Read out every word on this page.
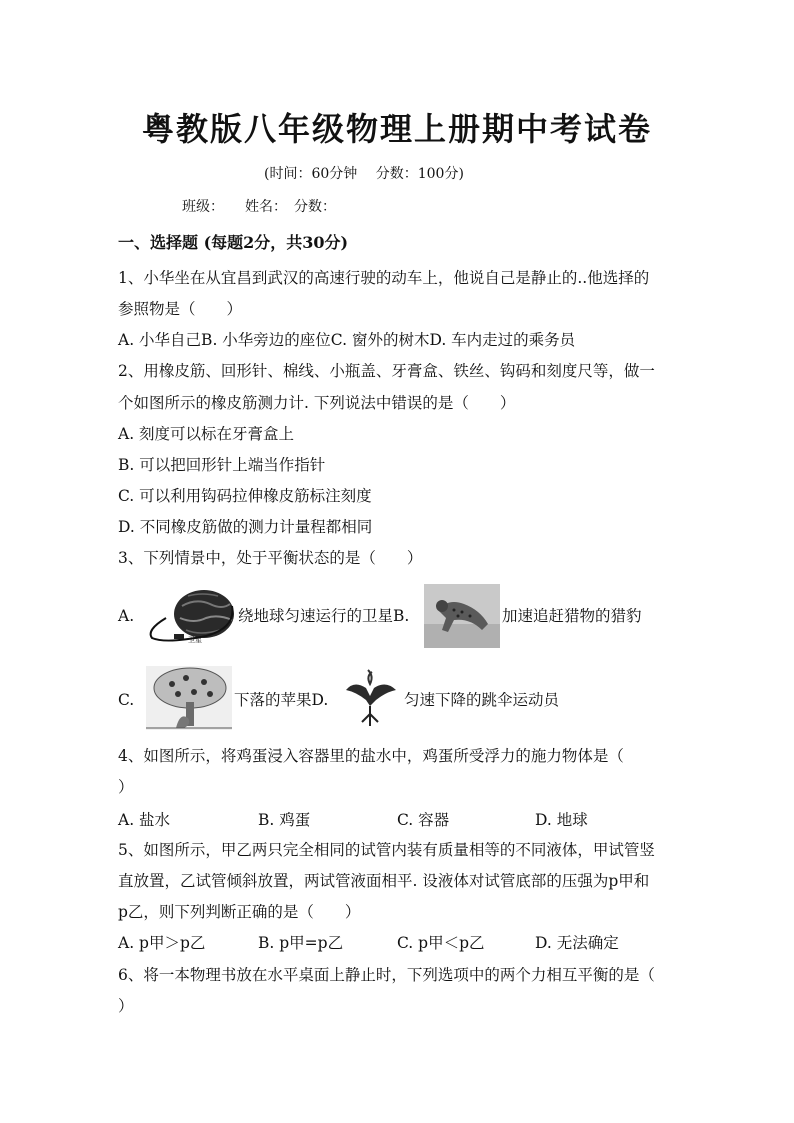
粤教版八年级物理上册期中考试卷
(时间：60分钟　 分数：100分)
班级：　　姓名：　分数：
一、选择题 (每题2分，共30分)
1、小华坐在从宜昌到武汉的高速行驶的动车上，他说自己是静止的..他选择的
参照物是（　　）
A. 小华自己B. 小华旁边的座位C. 窗外的树木D. 车内走过的乘务员
2、用橡皮筋、回形针、棉线、小瓶盖、牙膏盒、铁丝、钩码和刻度尺等，做一
个如图所示的橡皮筋测力计. 下列说法中错误的是（　　）
A. 刻度可以标在牙膏盒上
B. 可以把回形针上端当作指针
C. 可以利用钩码拉伸橡皮筋标注刻度
D. 不同橡皮筋做的测力计量程都相同
3、下列情景中，处于平衡状态的是（　　）
A.
卫星
绕地球匀速运行的卫星B.	加速追赶猎物的猎豹
C.	下落的苹果D.	匀速下降的跳伞运动员
4、如图所示，将鸡蛋浸入容器里的盐水中，鸡蛋所受浮力的施力物体是（
）
A. 盐水	B. 鸡蛋	C. 容器	D. 地球
5、如图所示，甲乙两只完全相同的试管内装有质量相等的不同液体，甲试管竖
直放置，乙试管倾斜放置，两试管液面相平. 设液体对试管底部的压强为p甲和
p乙，则下列判断正确的是（　　）
A. p甲＞p乙	B. p甲=p乙	C. p甲＜p乙	D. 无法确定
6、将一本物理书放在水平桌面上静止时，下列选项中的两个力相互平衡的是（
）
